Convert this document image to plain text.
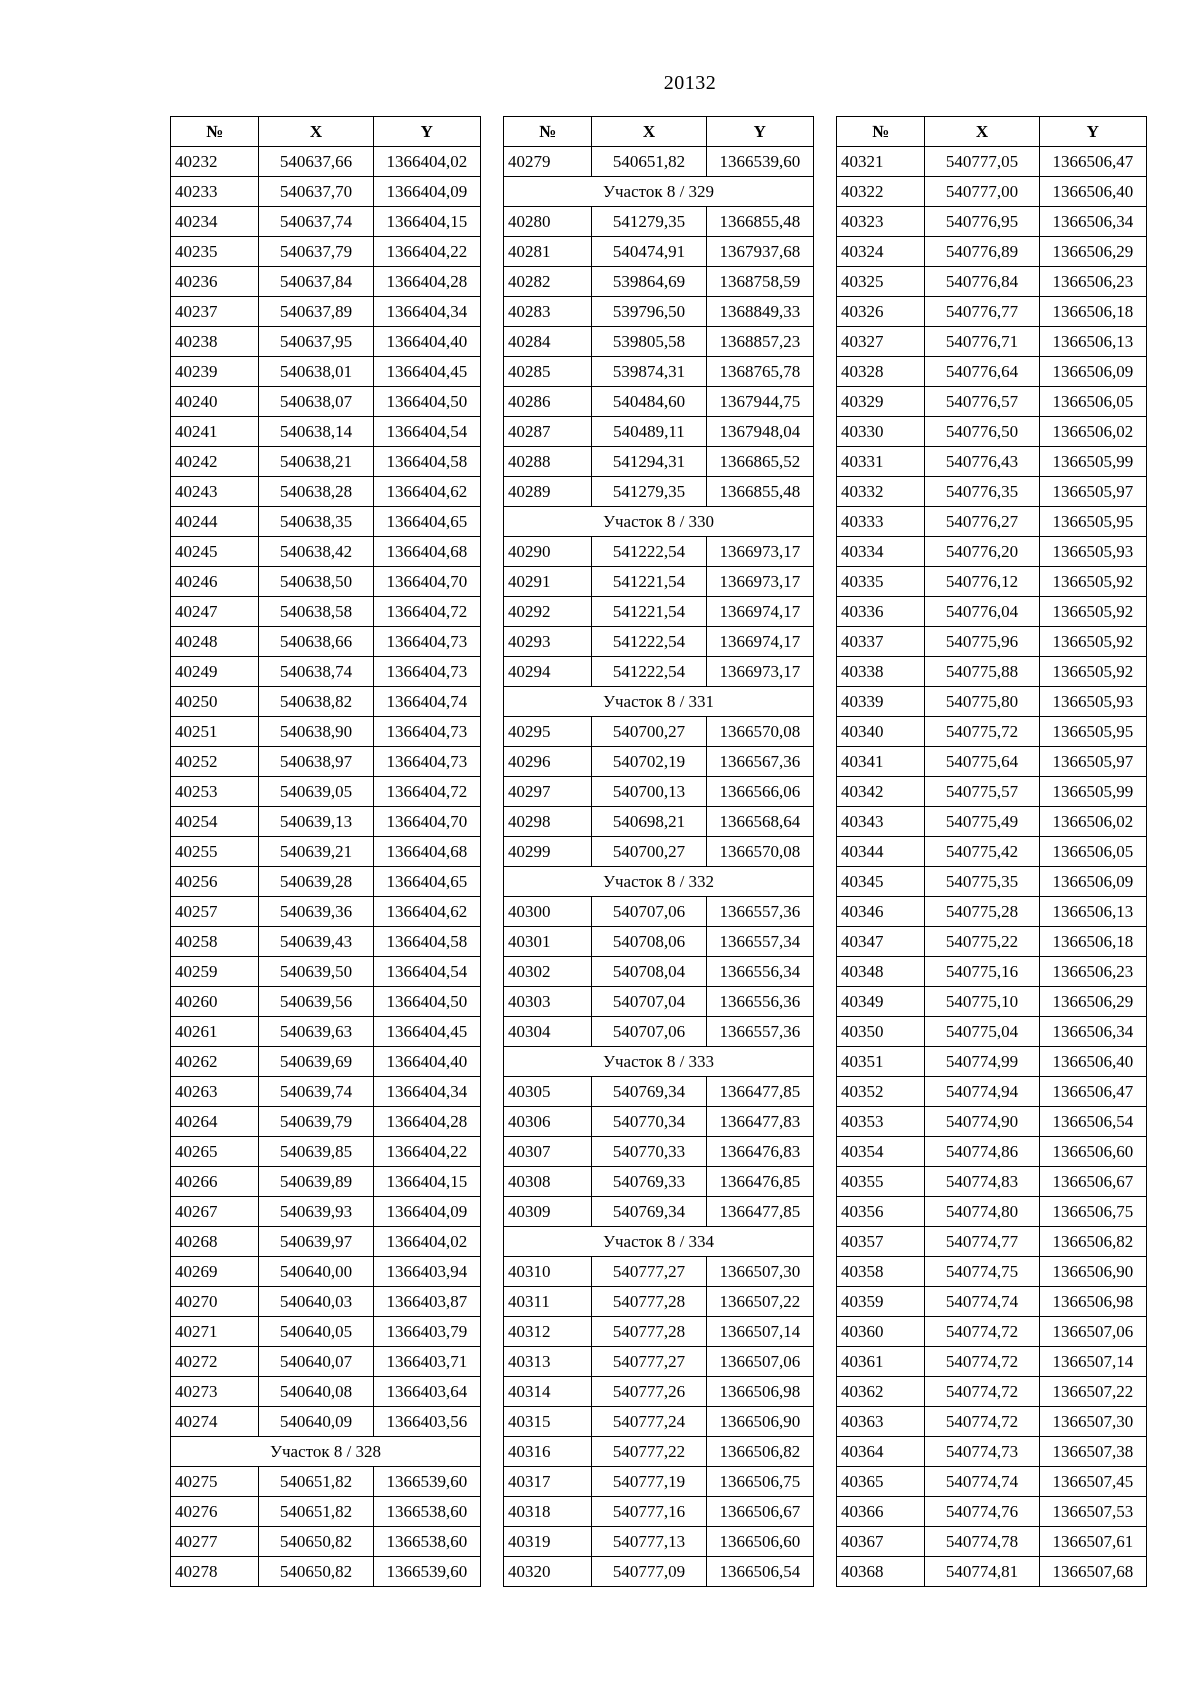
20132
№	X	Y
40232	540637,66	1366404,02
40233	540637,70	1366404,09
40234	540637,74	1366404,15
40235	540637,79	1366404,22
40236	540637,84	1366404,28
40237	540637,89	1366404,34
40238	540637,95	1366404,40
40239	540638,01	1366404,45
40240	540638,07	1366404,50
40241	540638,14	1366404,54
40242	540638,21	1366404,58
40243	540638,28	1366404,62
40244	540638,35	1366404,65
40245	540638,42	1366404,68
40246	540638,50	1366404,70
40247	540638,58	1366404,72
40248	540638,66	1366404,73
40249	540638,74	1366404,73
40250	540638,82	1366404,74
40251	540638,90	1366404,73
40252	540638,97	1366404,73
40253	540639,05	1366404,72
40254	540639,13	1366404,70
40255	540639,21	1366404,68
40256	540639,28	1366404,65
40257	540639,36	1366404,62
40258	540639,43	1366404,58
40259	540639,50	1366404,54
40260	540639,56	1366404,50
40261	540639,63	1366404,45
40262	540639,69	1366404,40
40263	540639,74	1366404,34
40264	540639,79	1366404,28
40265	540639,85	1366404,22
40266	540639,89	1366404,15
40267	540639,93	1366404,09
40268	540639,97	1366404,02
40269	540640,00	1366403,94
40270	540640,03	1366403,87
40271	540640,05	1366403,79
40272	540640,07	1366403,71
40273	540640,08	1366403,64
40274	540640,09	1366403,56
Участок 8 / 328		
40275	540651,82	1366539,60
40276	540651,82	1366538,60
40277	540650,82	1366538,60
40278	540650,82	1366539,60
№	X	Y
40279	540651,82	1366539,60
Участок 8 / 329		
40280	541279,35	1366855,48
40281	540474,91	1367937,68
40282	539864,69	1368758,59
40283	539796,50	1368849,33
40284	539805,58	1368857,23
40285	539874,31	1368765,78
40286	540484,60	1367944,75
40287	540489,11	1367948,04
40288	541294,31	1366865,52
40289	541279,35	1366855,48
Участок 8 / 330		
40290	541222,54	1366973,17
40291	541221,54	1366973,17
40292	541221,54	1366974,17
40293	541222,54	1366974,17
40294	541222,54	1366973,17
Участок 8 / 331		
40295	540700,27	1366570,08
40296	540702,19	1366567,36
40297	540700,13	1366566,06
40298	540698,21	1366568,64
40299	540700,27	1366570,08
Участок 8 / 332		
40300	540707,06	1366557,36
40301	540708,06	1366557,34
40302	540708,04	1366556,34
40303	540707,04	1366556,36
40304	540707,06	1366557,36
Участок 8 / 333		
40305	540769,34	1366477,85
40306	540770,34	1366477,83
40307	540770,33	1366476,83
40308	540769,33	1366476,85
40309	540769,34	1366477,85
Участок 8 / 334		
40310	540777,27	1366507,30
40311	540777,28	1366507,22
40312	540777,28	1366507,14
40313	540777,27	1366507,06
40314	540777,26	1366506,98
40315	540777,24	1366506,90
40316	540777,22	1366506,82
40317	540777,19	1366506,75
40318	540777,16	1366506,67
40319	540777,13	1366506,60
40320	540777,09	1366506,54
№	X	Y
40321	540777,05	1366506,47
40322	540777,00	1366506,40
40323	540776,95	1366506,34
40324	540776,89	1366506,29
40325	540776,84	1366506,23
40326	540776,77	1366506,18
40327	540776,71	1366506,13
40328	540776,64	1366506,09
40329	540776,57	1366506,05
40330	540776,50	1366506,02
40331	540776,43	1366505,99
40332	540776,35	1366505,97
40333	540776,27	1366505,95
40334	540776,20	1366505,93
40335	540776,12	1366505,92
40336	540776,04	1366505,92
40337	540775,96	1366505,92
40338	540775,88	1366505,92
40339	540775,80	1366505,93
40340	540775,72	1366505,95
40341	540775,64	1366505,97
40342	540775,57	1366505,99
40343	540775,49	1366506,02
40344	540775,42	1366506,05
40345	540775,35	1366506,09
40346	540775,28	1366506,13
40347	540775,22	1366506,18
40348	540775,16	1366506,23
40349	540775,10	1366506,29
40350	540775,04	1366506,34
40351	540774,99	1366506,40
40352	540774,94	1366506,47
40353	540774,90	1366506,54
40354	540774,86	1366506,60
40355	540774,83	1366506,67
40356	540774,80	1366506,75
40357	540774,77	1366506,82
40358	540774,75	1366506,90
40359	540774,74	1366506,98
40360	540774,72	1366507,06
40361	540774,72	1366507,14
40362	540774,72	1366507,22
40363	540774,72	1366507,30
40364	540774,73	1366507,38
40365	540774,74	1366507,45
40366	540774,76	1366507,53
40367	540774,78	1366507,61
40368	540774,81	1366507,68
